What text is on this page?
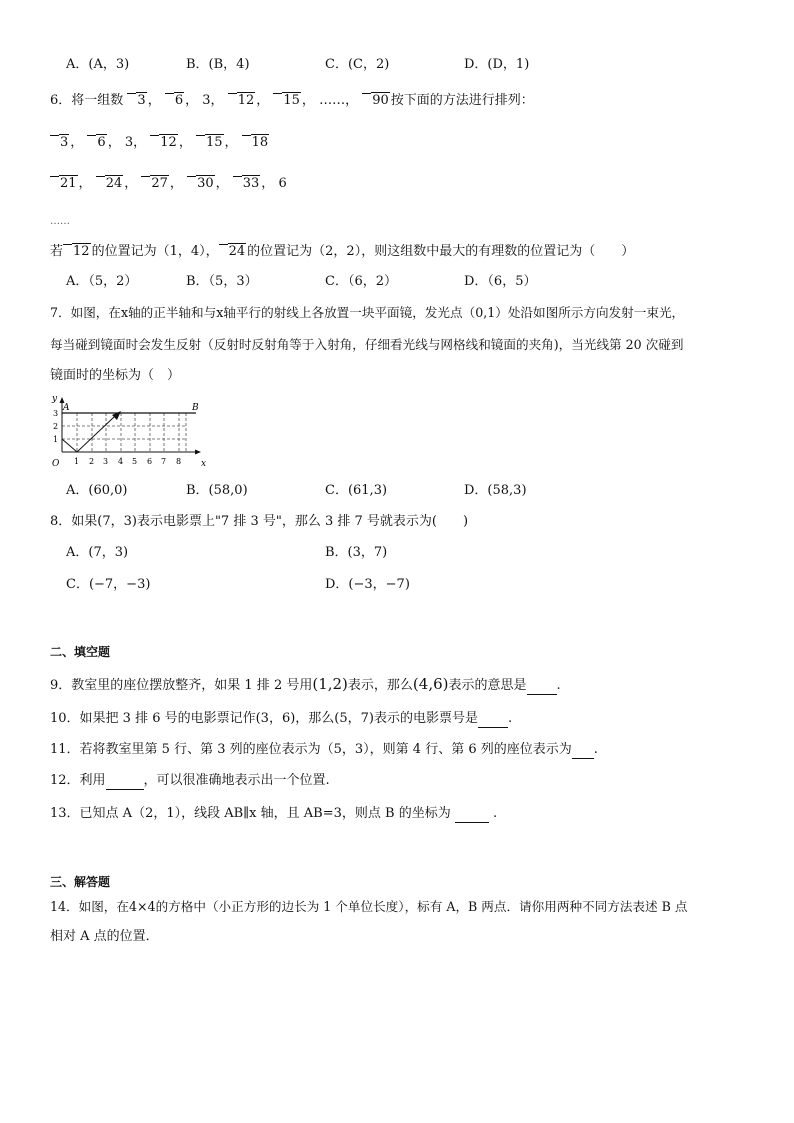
A．(A，3)	B．(B，4)	C．(C，2)	D．(D，1)
6．将一组数 3 ， 6 ， 3， 12 ， 15 ， ……， 90 按下面的方法进行排列：
3 ， 6 ， 3， 12 ， 15 ， 18
21 ， 24 ， 27 ， 30 ， 33 ， 6
……
若 12 的位置记为（1，4）， 24 的位置记为（2，2），则这组数中最大的有理数的位置记为（　　）
A．（5，2）	B．（5，3）	C．（6，2）	D．（6，5）
7．如图，在x轴的正半轴和与x轴平行的射线上各放置一块平面镜，发光点（0,1）处沿如图所示方向发射一束光，
每当碰到镜面时会发生反射（反射时反射角等于入射角，仔细看光线与网格线和镜面的夹角)，当光线第 20 次碰到
镜面时的坐标为（　）
y
x
O
A	B
1
2
3
1 2 3 4 5 6 7 8
A．(60,0)	B．(58,0)	C．(61,3)	D．(58,3)
8．如果(7，3)表示电影票上"7 排 3 号"，那么 3 排 7 号就表示为(　　)
A．(7，3)	B．(3，7)
C．(−7，−3)	D．(−3，−7)
二、填空题
9．教室里的座位摆放整齐，如果 1 排 2 号用(1,2)表示，那么(4,6)表示的意思是 .
10．如果把 3 排 6 号的电影票记作(3，6)，那么(5，7)表示的电影票号是 .
11．若将教室里第 5 行、第 3 列的座位表示为（5，3），则第 4 行、第 6 列的座位表示为 .
12．利用	，可以很准确地表示出一个位置.
13．已知点 A（2，1），线段 AB∥x 轴，且 AB=3，则点 B 的坐标为	.
三、解答题
14．如图，在4×4的方格中（小正方形的边长为 1 个单位长度），标有 A，B 两点．请你用两种不同方法表述 B 点
相对 A 点的位置．
